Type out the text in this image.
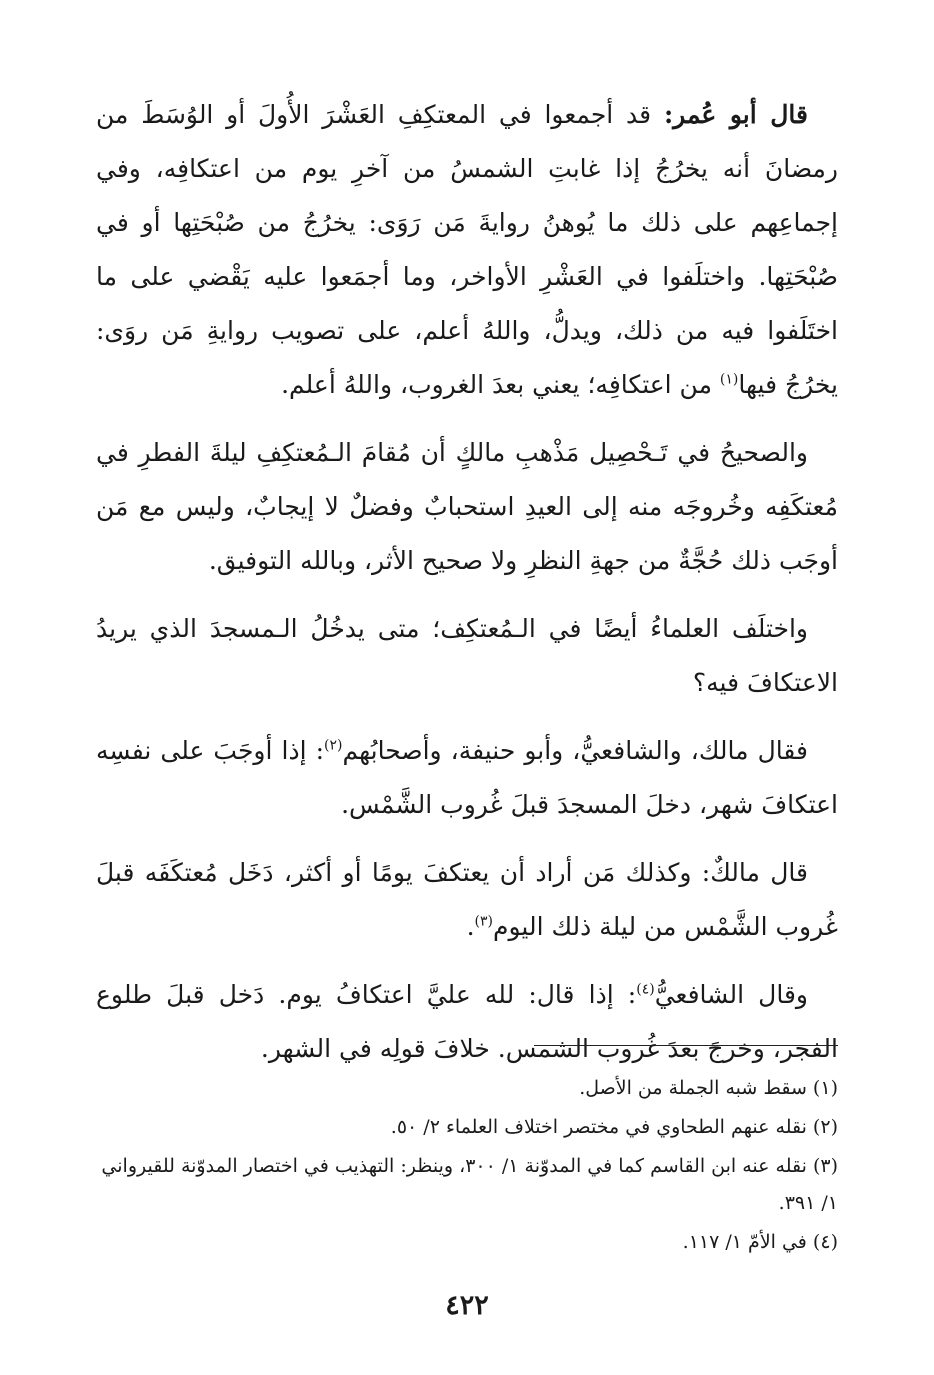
قال أبو عُمر: قد أجمعوا في المعتكِفِ العَشْرَ الأُولَ أو الوُسَطَ من رمضانَ أنه يخرُجُ إذا غابتِ الشمسُ من آخرِ يوم من اعتكافِه، وفي إجماعِهم على ذلك ما يُوهنُ روايةَ مَن رَوَى: يخرُجُ من صُبْحَتِها أو في صُبْحَتِها. واختلَفوا في العَشْرِ الأواخر، وما أجمَعوا عليه يَقْضي على ما اختَلَفوا فيه من ذلك، ويدلُّ، واللهُ أعلم، على تصويب روايةِ مَن روَى: يخرُجُ فيها$^{(١)}$ من اعتكافِه؛ يعني بعدَ الغروب، واللهُ أعلم.

والصحيحُ في تَـحْصِيل مَذْهبِ مالكٍ أن مُقامَ الـمُعتكِفِ ليلةَ الفطرِ في مُعتكَفِه وخُروجَه منه إلى العيدِ استحبابٌ وفضلٌ لا إيجابٌ، وليس مع مَن أوجَب ذلك حُجَّةٌ من جهةِ النظرِ ولا صحيح الأثر، وبالله التوفيق.

واختلَف العلماءُ أيضًا في الـمُعتكِف؛ متى يدخُلُ الـمسجدَ الذي يريدُ الاعتكافَ فيه؟

فقال مالك، والشافعيُّ، وأبو حنيفة، وأصحابُهم$^{(٢)}$: إذا أوجَبَ على نفسِه اعتكافَ شهر، دخلَ المسجدَ قبلَ غُروب الشَّمْس.

قال مالكٌ: وكذلك مَن أراد أن يعتكفَ يومًا أو أكثر، دَخَل مُعتكَفَه قبلَ غُروب الشَّمْس من ليلة ذلك اليوم$^{(٣)}$.

وقال الشافعيُّ$^{(٤)}$: إذا قال: لله عليَّ اعتكافُ يوم. دَخل قبلَ طلوع الفجر، وخرجَ بعدَ غُروب الشمس. خلافَ قولِه في الشهر.

(١) سقط شبه الجملة من الأصل.
(٢) نقله عنهم الطحاوي في مختصر اختلاف العلماء ٢/ ٥٠.
(٣) نقله عنه ابن القاسم كما في المدوّنة ١/ ٣٠٠، وينظر: التهذيب في اختصار المدوّنة للقيرواني
١/ ٣٩١.
(٤) في الأمّ ١/ ١١٧.
٤٢٢
